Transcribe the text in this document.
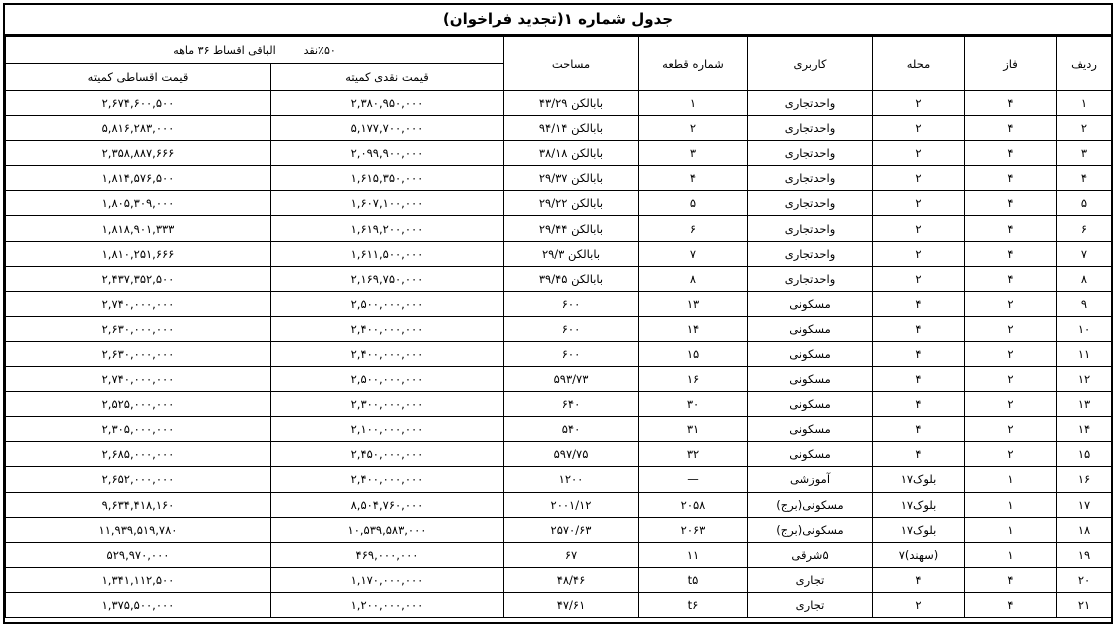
جدول شماره ۱(تجدید فراخوان)
ردیف	فاز	محله	کاربری	شماره قطعه	مساحت	٪۵۰نقد        الباقی اقساط ۳۶ ماهه	
						قیمت نقدی کمیته	قیمت اقساطی کمیته
۱	۴	۲	واحدتجاری	۱	بابالکن ۴۳/۲۹	۲,۳۸۰,۹۵۰,۰۰۰	۲,۶۷۴,۶۰۰,۵۰۰
۲	۴	۲	واحدتجاری	۲	بابالکن ۹۴/۱۴	۵,۱۷۷,۷۰۰,۰۰۰	۵,۸۱۶,۲۸۳,۰۰۰
۳	۴	۲	واحدتجاری	۳	بابالکن ۳۸/۱۸	۲,۰۹۹,۹۰۰,۰۰۰	۲,۳۵۸,۸۸۷,۶۶۶
۴	۴	۲	واحدتجاری	۴	بابالکن ۲۹/۳۷	۱,۶۱۵,۳۵۰,۰۰۰	۱,۸۱۴,۵۷۶,۵۰۰
۵	۴	۲	واحدتجاری	۵	بابالکن ۲۹/۲۲	۱,۶۰۷,۱۰۰,۰۰۰	۱,۸۰۵,۳۰۹,۰۰۰
۶	۴	۲	واحدتجاری	۶	بابالکن ۲۹/۴۴	۱,۶۱۹,۲۰۰,۰۰۰	۱,۸۱۸,۹۰۱,۳۳۳
۷	۴	۲	واحدتجاری	۷	بابالکن ۲۹/۳	۱,۶۱۱,۵۰۰,۰۰۰	۱,۸۱۰,۲۵۱,۶۶۶
۸	۴	۲	واحدتجاری	۸	بابالکن ۳۹/۴۵	۲,۱۶۹,۷۵۰,۰۰۰	۲,۴۳۷,۳۵۲,۵۰۰
۹	۲	۴	مسکونی	۱۳	۶۰۰	۲,۵۰۰,۰۰۰,۰۰۰	۲,۷۴۰,۰۰۰,۰۰۰
۱۰	۲	۴	مسکونی	۱۴	۶۰۰	۲,۴۰۰,۰۰۰,۰۰۰	۲,۶۳۰,۰۰۰,۰۰۰
۱۱	۲	۴	مسکونی	۱۵	۶۰۰	۲,۴۰۰,۰۰۰,۰۰۰	۲,۶۳۰,۰۰۰,۰۰۰
۱۲	۲	۴	مسکونی	۱۶	۵۹۳/۷۳	۲,۵۰۰,۰۰۰,۰۰۰	۲,۷۴۰,۰۰۰,۰۰۰
۱۳	۲	۴	مسکونی	۳۰	۶۴۰	۲,۳۰۰,۰۰۰,۰۰۰	۲,۵۲۵,۰۰۰,۰۰۰
۱۴	۲	۴	مسکونی	۳۱	۵۴۰	۲,۱۰۰,۰۰۰,۰۰۰	۲,۳۰۵,۰۰۰,۰۰۰
۱۵	۲	۴	مسکونی	۳۲	۵۹۷/۷۵	۲,۴۵۰,۰۰۰,۰۰۰	۲,۶۸۵,۰۰۰,۰۰۰
۱۶	۱	بلوک۱۷	آموزشی	—	۱۲۰۰	۲,۴۰۰,۰۰۰,۰۰۰	۲,۶۵۲,۰۰۰,۰۰۰
۱۷	۱	بلوک۱۷	مسکونی(برج)	۲۰۵۸	۲۰۰۱/۱۲	۸,۵۰۴,۷۶۰,۰۰۰	۹,۶۳۴,۴۱۸,۱۶۰
۱۸	۱	بلوک۱۷	مسکونی(برج)	۲۰۶۳	۲۵۷۰/۶۳	۱۰,۵۳۹,۵۸۳,۰۰۰	۱۱,۹۳۹,۵۱۹,۷۸۰
۱۹	۱	(سهند)۷	۵شرقی	۱۱	۶۷	۴۶۹,۰۰۰,۰۰۰	۵۲۹,۹۷۰,۰۰۰
۲۰	۴	۴	تجاری	t۵	۴۸/۴۶	۱,۱۷۰,۰۰۰,۰۰۰	۱,۳۴۱,۱۱۲,۵۰۰
۲۱	۴	۲	تجاری	t۶	۴۷/۶۱	۱,۲۰۰,۰۰۰,۰۰۰	۱,۳۷۵,۵۰۰,۰۰۰
